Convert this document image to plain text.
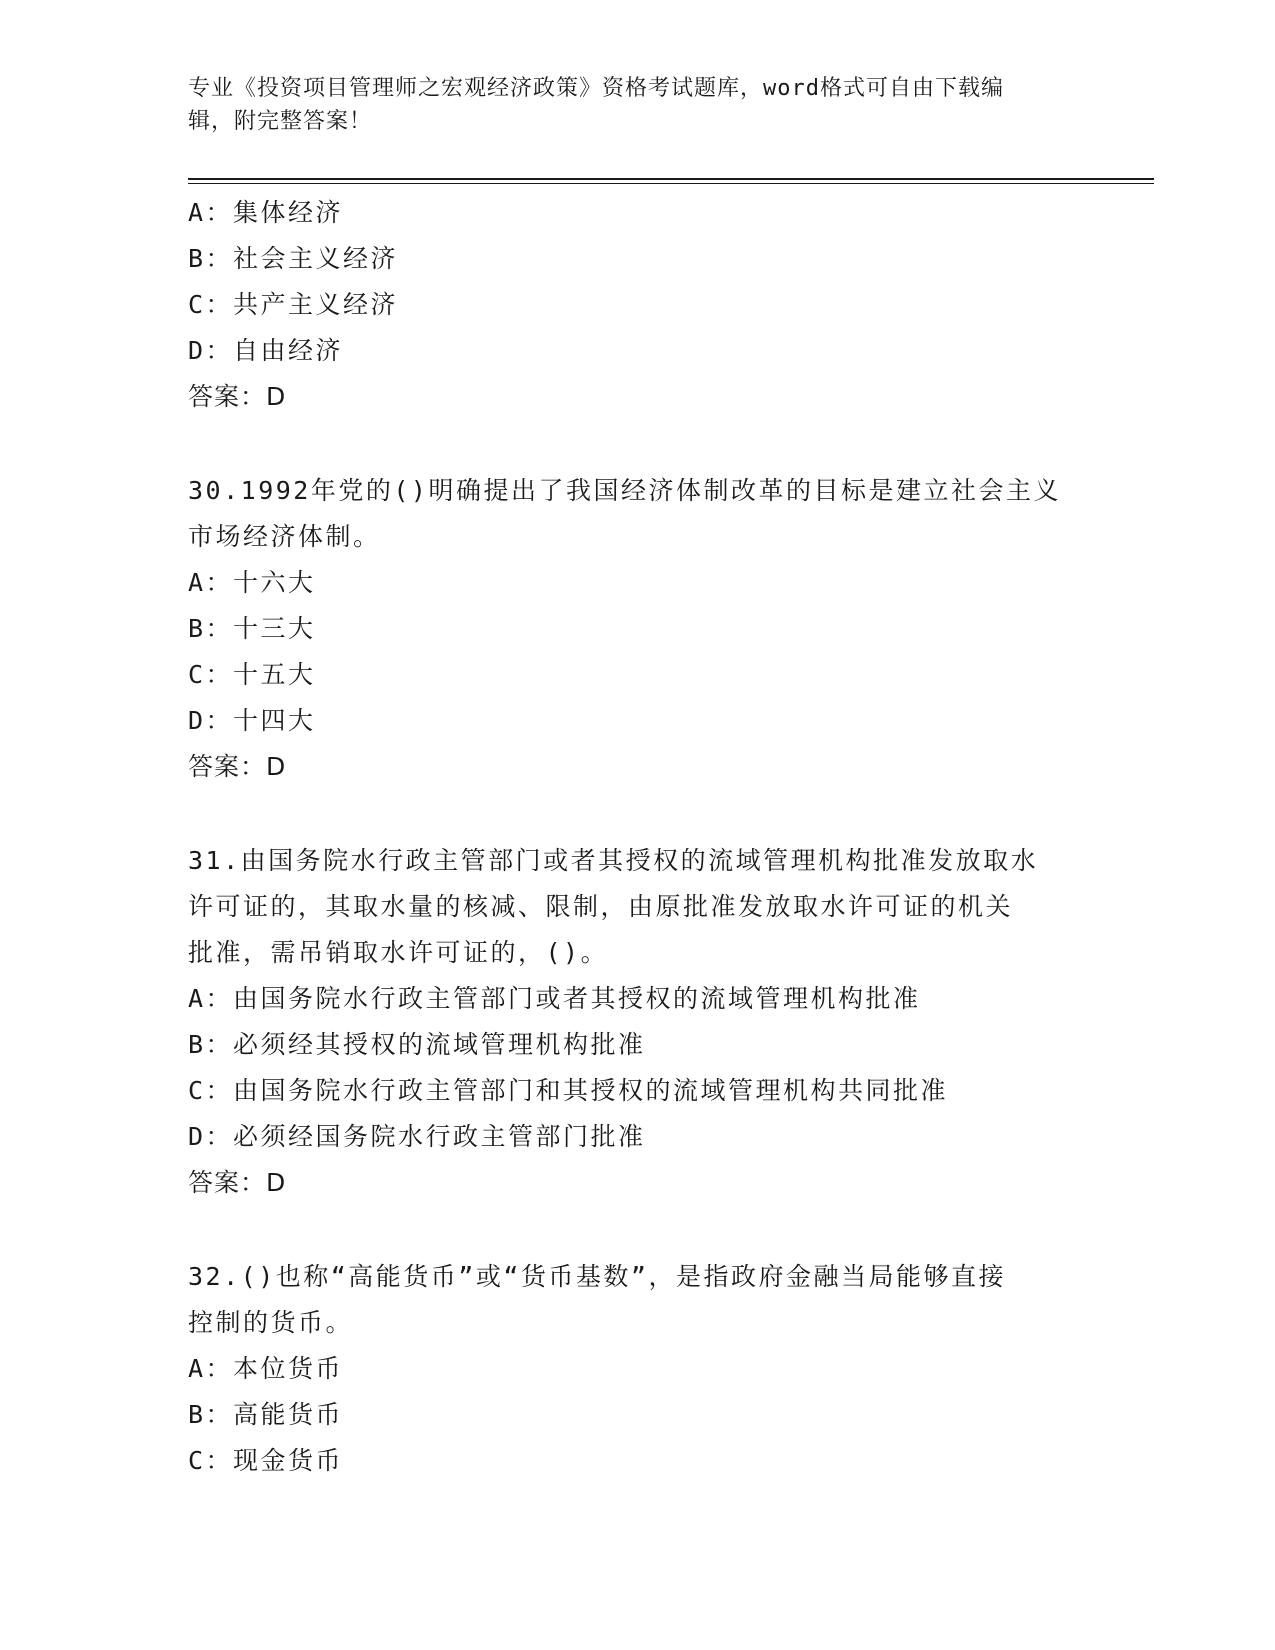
专业《投资项目管理师之宏观经济政策》资格考试题库，word格式可自由下载编
辑，附完整答案！
A：集体经济
B：社会主义经济
C：共产主义经济
D：自由经济
答案：D
30.1992年党的()明确提出了我国经济体制改革的目标是建立社会主义
市场经济体制。
A：十六大
B：十三大
C：十五大
D：十四大
答案：D
31.由国务院水行政主管部门或者其授权的流域管理机构批准发放取水
许可证的，其取水量的核减、限制，由原批准发放取水许可证的机关
批准，需吊销取水许可证的，()。
A：由国务院水行政主管部门或者其授权的流域管理机构批准
B：必须经其授权的流域管理机构批准
C：由国务院水行政主管部门和其授权的流域管理机构共同批准
D：必须经国务院水行政主管部门批准
答案：D
32.()也称“高能货币”或“货币基数”，是指政府金融当局能够直接
控制的货币。
A：本位货币
B：高能货币
C：现金货币
